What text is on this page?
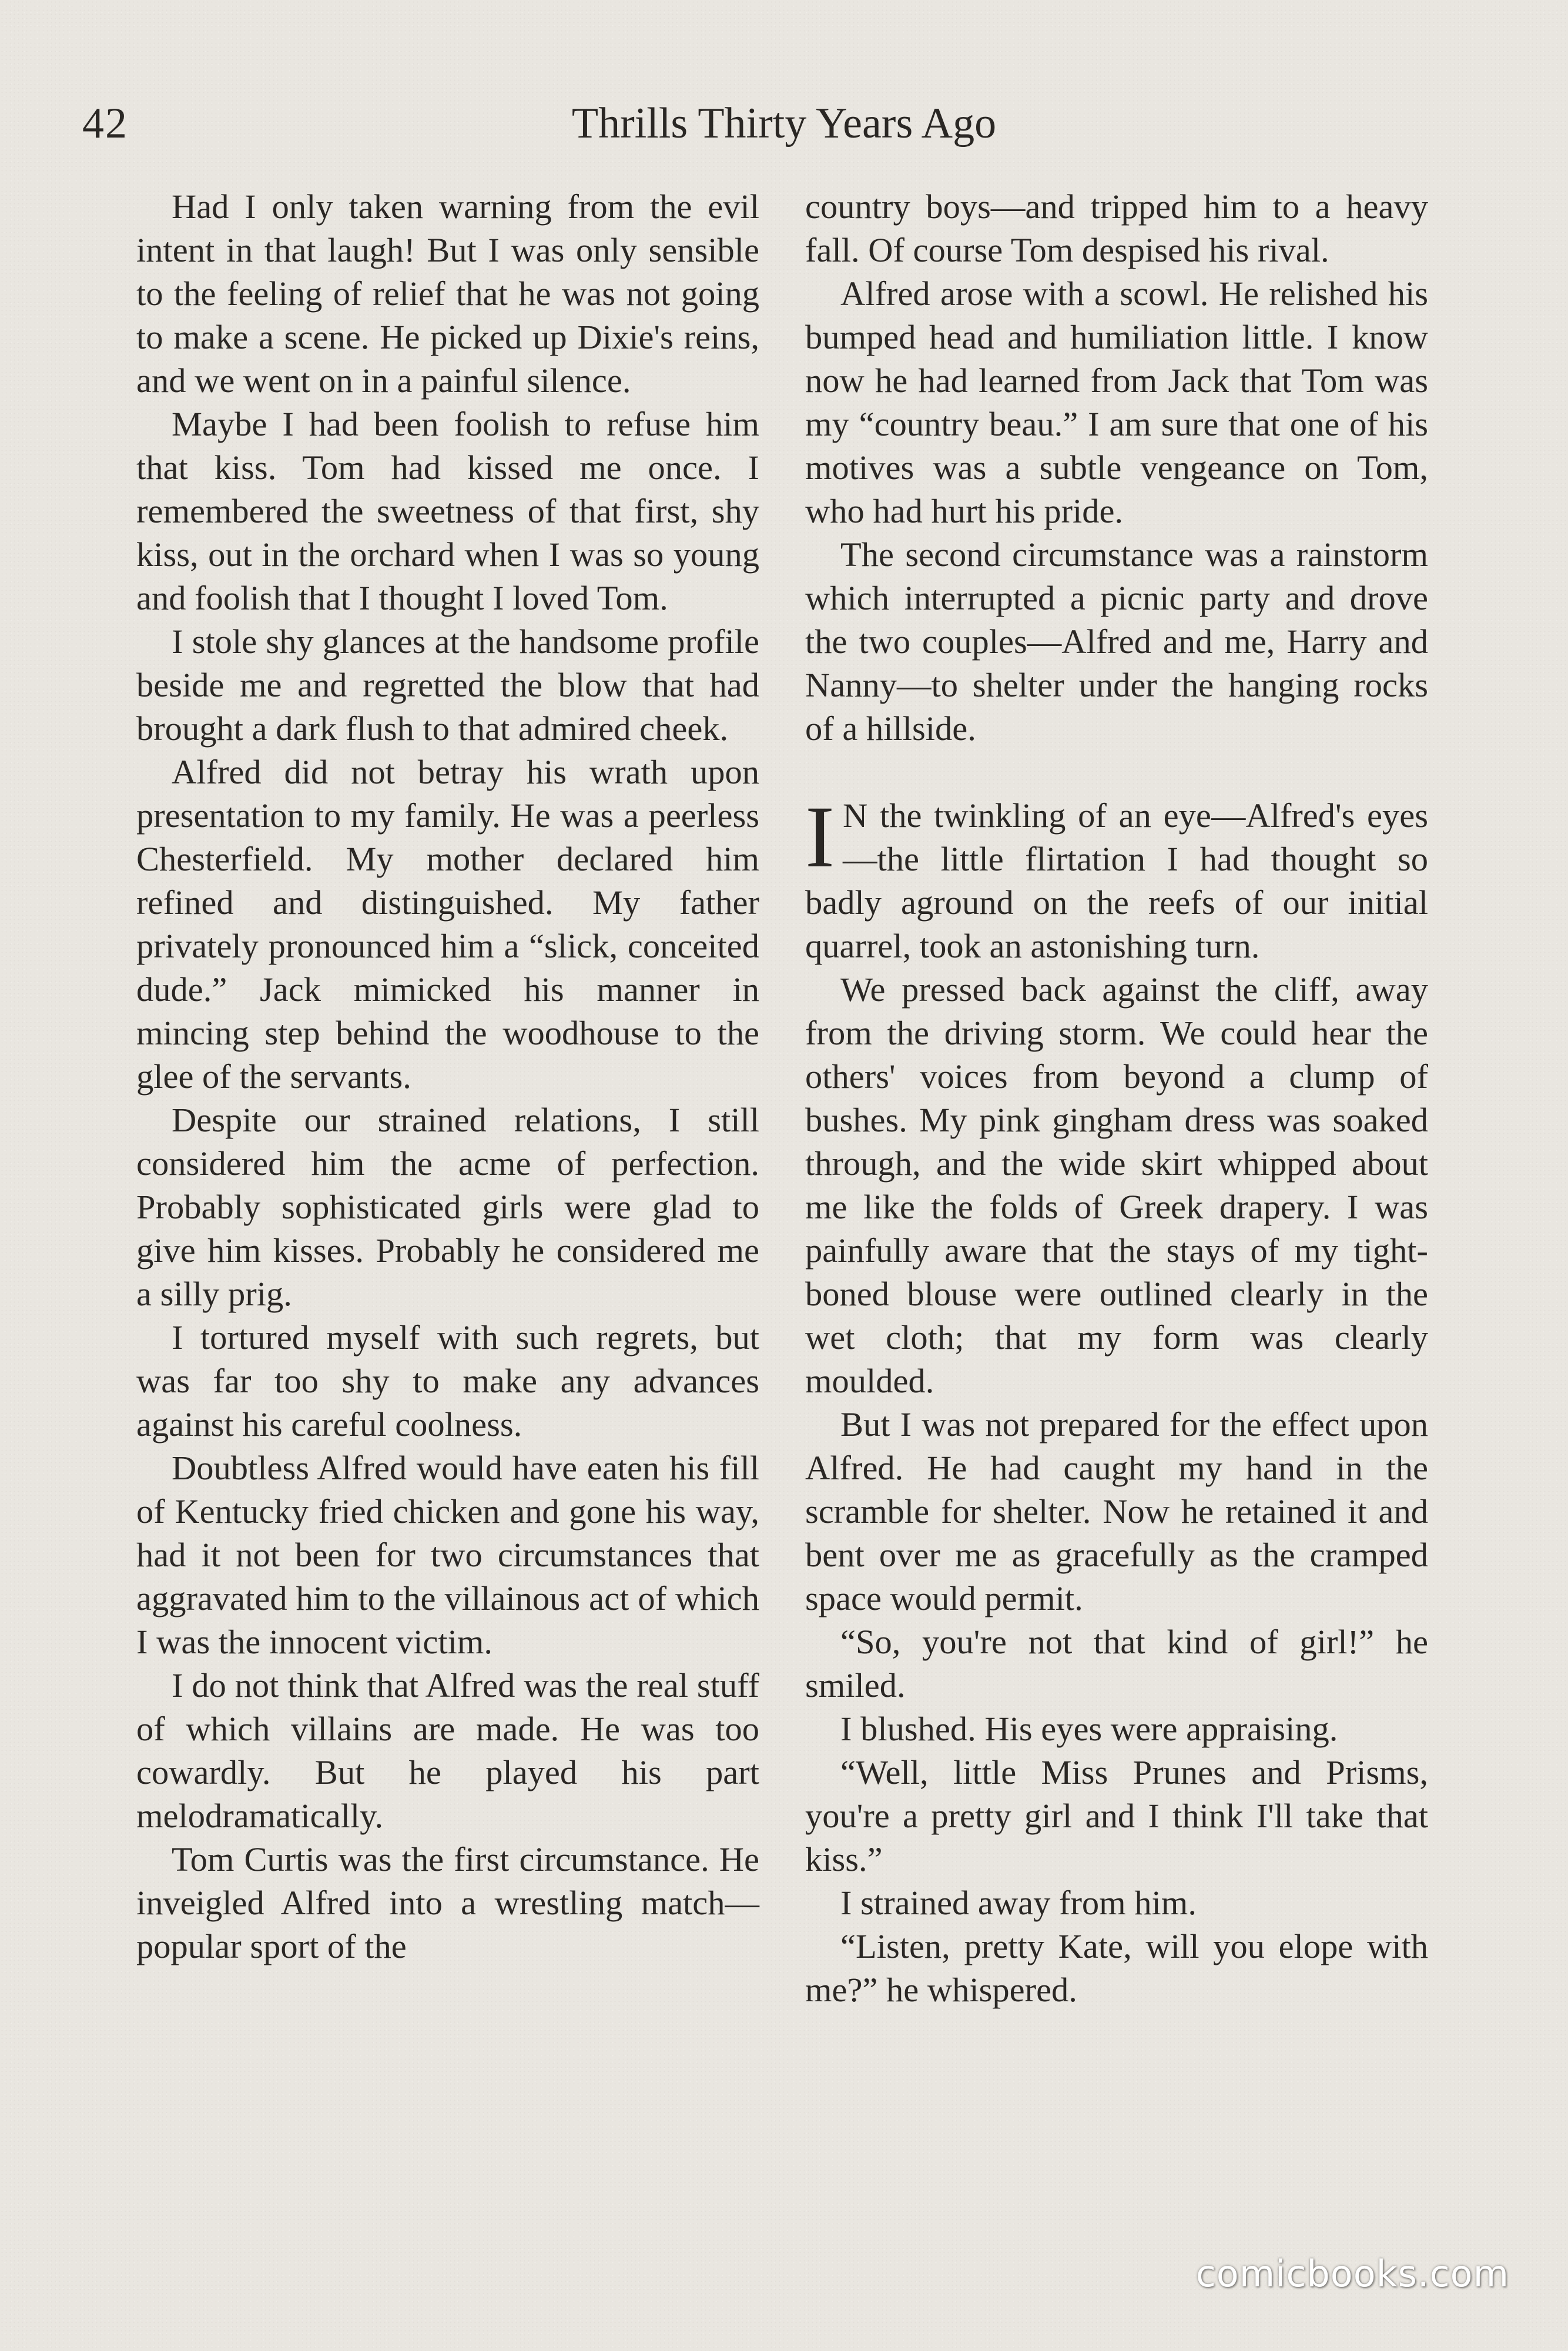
42	Thrills Thirty Years Ago

Had I only taken warning from the evil intent in that laugh! But I was only sensible to the feeling of relief that he was not going to make a scene. He picked up Dixie's reins, and we went on in a painful silence.

Maybe I had been foolish to refuse him that kiss. Tom had kissed me once. I remembered the sweetness of that first, shy kiss, out in the orchard when I was so young and foolish that I thought I loved Tom.

I stole shy glances at the handsome profile beside me and regretted the blow that had brought a dark flush to that admired cheek.

Alfred did not betray his wrath upon presentation to my family. He was a peerless Chesterfield. My mother declared him refined and distinguished. My father privately pronounced him a “slick, conceited dude.” Jack mimicked his manner in mincing step behind the woodhouse to the glee of the servants.

Despite our strained relations, I still considered him the acme of perfection. Probably sophisticated girls were glad to give him kisses. Probably he considered me a silly prig.

I tortured myself with such regrets, but was far too shy to make any advances against his careful coolness.

Doubtless Alfred would have eaten his fill of Kentucky fried chicken and gone his way, had it not been for two circumstances that aggravated him to the villainous act of which I was the innocent victim.

I do not think that Alfred was the real stuff of which villains are made. He was too cowardly. But he played his part melodramatically.

Tom Curtis was the first circumstance. He inveigled Alfred into a wrestling match—popular sport of the

country boys—and tripped him to a heavy fall. Of course Tom despised his rival.

Alfred arose with a scowl. He relished his bumped head and humiliation little. I know now he had learned from Jack that Tom was my “country beau.” I am sure that one of his motives was a subtle vengeance on Tom, who had hurt his pride.

The second circumstance was a rainstorm which interrupted a picnic party and drove the two couples—Alfred and me, Harry and Nanny—to shelter under the hanging rocks of a hillside.

I N the twinkling of an eye—Alfred's eyes—the little flirtation I had thought so badly aground on the reefs of our initial quarrel, took an astonishing turn.

We pressed back against the cliff, away from the driving storm. We could hear the others' voices from beyond a clump of bushes. My pink gingham dress was soaked through, and the wide skirt whipped about me like the folds of Greek drapery. I was painfully aware that the stays of my tight-boned blouse were outlined clearly in the wet cloth; that my form was clearly moulded.

But I was not prepared for the effect upon Alfred. He had caught my hand in the scramble for shelter. Now he retained it and bent over me as gracefully as the cramped space would permit.

“So, you're not that kind of girl!” he smiled.

I blushed. His eyes were appraising.

“Well, little Miss Prunes and Prisms, you're a pretty girl and I think I'll take that kiss.”

I strained away from him.

“Listen, pretty Kate, will you elope with me?” he whispered.

comicbooks.com
